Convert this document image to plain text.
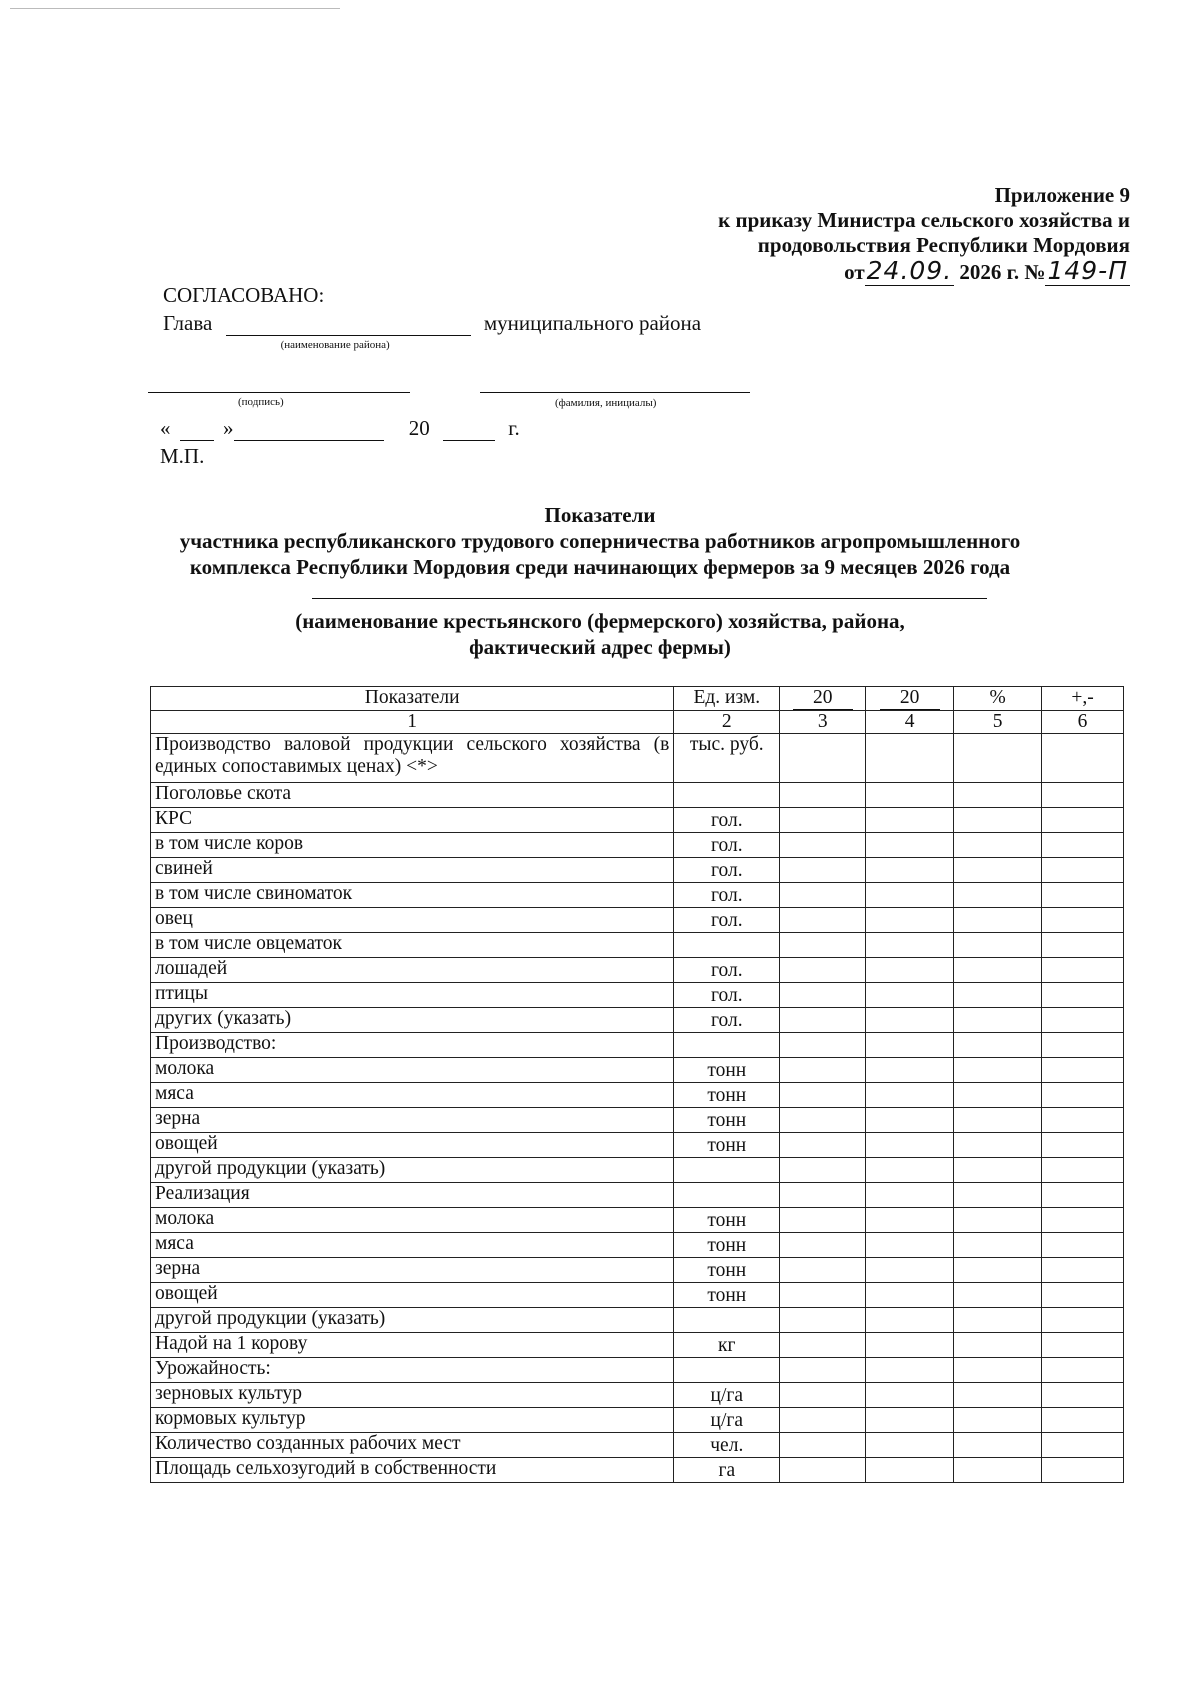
Приложение 9
к приказу Министра сельского хозяйства и
продовольствия Республики Мордовия
от24.09. 2026 г. №149-П
СОГЛАСОВАНО:
Глава
(наименование района)
муниципального района
(подпись)	(фамилия, инициалы)
«	»	20	г.
М.П.
Показатели
участника республиканского трудового соперничества работников агропромышленного
комплекса Республики Мордовия среди начинающих фермеров за 9 месяцев 2026 года
(наименование крестьянского (фермерского) хозяйства, района,
фактический адрес фермы)
Показатели	Ед. изм.	20	20	%	+,-
1	2	3	4	5	6
Производство валовой продукции сельского хозяйства (в единых сопоставимых ценах) <*>	тыс. руб.				
Поголовье скота					
КРС	гол.				
в том числе коров	гол.				
свиней	гол.				
в том числе свиноматок	гол.				
овец	гол.				
в том числе овцематок					
лошадей	гол.				
птицы	гол.				
других (указать)	гол.				
Производство:					
молока	тонн				
мяса	тонн				
зерна	тонн				
овощей	тонн				
другой продукции (указать)					
Реализация					
молока	тонн				
мяса	тонн				
зерна	тонн				
овощей	тонн				
другой продукции (указать)					
Надой на 1 корову	кг				
Урожайность:					
зерновых культур	ц/га				
кормовых культур	ц/га				
Количество созданных рабочих мест	чел.				
Площадь сельхозугодий в собственности	га				
